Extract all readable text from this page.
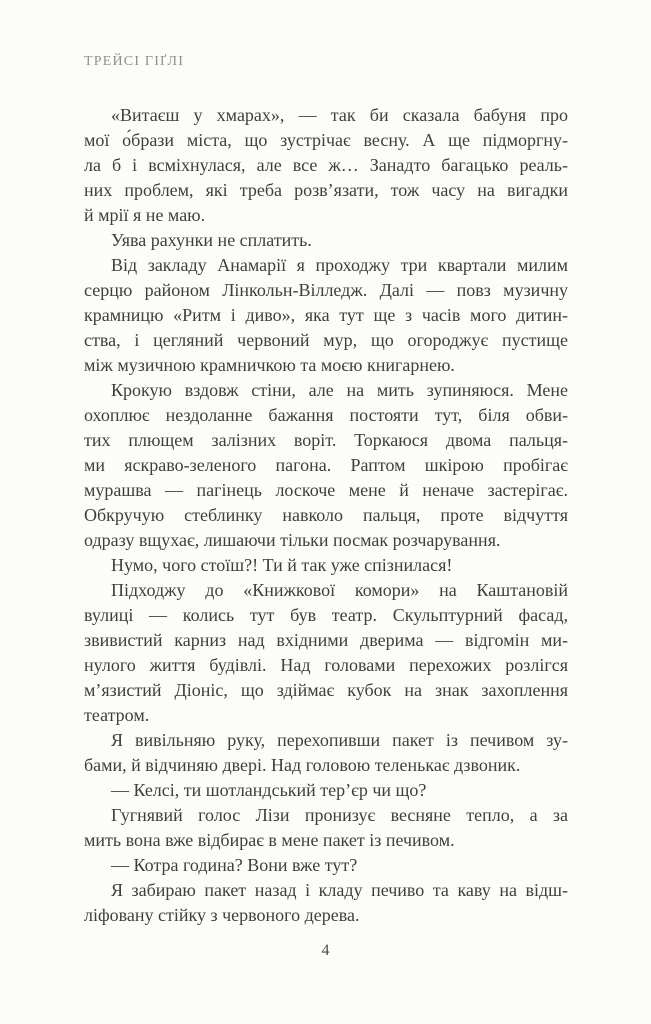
ТРЕЙСІ ГІҐЛІ
«Витаєш у хмарах», — так би сказала бабуня про
мої о́брази міста, що зустрічає весну. А ще підморгну-
ла б і всміхнулася, але все ж… Занадто багацько реаль-
них проблем, які треба розв’язати, тож часу на вигадки
й мрії я не маю.
Уява рахунки не сплатить.
Від закладу Анамарії я проходжу три квартали милим
серцю районом Лінкольн-Вілледж. Далі — повз музичну
крамницю «Ритм і диво», яка тут ще з часів мого дитин-
ства, і цегляний червоний мур, що огороджує пустище
між музичною крамничкою та моєю книгарнею.
Крокую вздовж стіни, але на мить зупиняюся. Мене
охоплює нездоланне бажання постояти тут, біля обви-
тих плющем залізних воріт. Торкаюся двома пальця-
ми яскраво-зеленого пагона. Раптом шкірою пробігає
мурашва — пагінець лоскоче мене й неначе застерігає.
Обкручую стеблинку навколо пальця, проте відчуття
одразу вщухає, лишаючи тільки посмак розчарування.
Нумо, чого стоїш?! Ти й так уже спізнилася!
Підходжу до «Книжкової комори» на Каштановій
вулиці — колись тут був театр. Скульптурний фасад,
звивистий карниз над вхідними дверима — відгомін ми-
нулого життя будівлі. Над головами перехожих розлігся
м’язистий Діоніс, що здіймає кубок на знак захоплення
театром.
Я вивільняю руку, перехопивши пакет із печивом зу-
бами, й відчиняю двері. Над головою теленькає дзвоник.
— Келсі, ти шотландський тер’єр чи що?
Гугнявий голос Лізи пронизує весняне тепло, а за
мить вона вже відбирає в мене пакет із печивом.
— Котра година? Вони вже тут?
Я забираю пакет назад і кладу печиво та каву на відш-
ліфовану стійку з червоного дерева.
4
